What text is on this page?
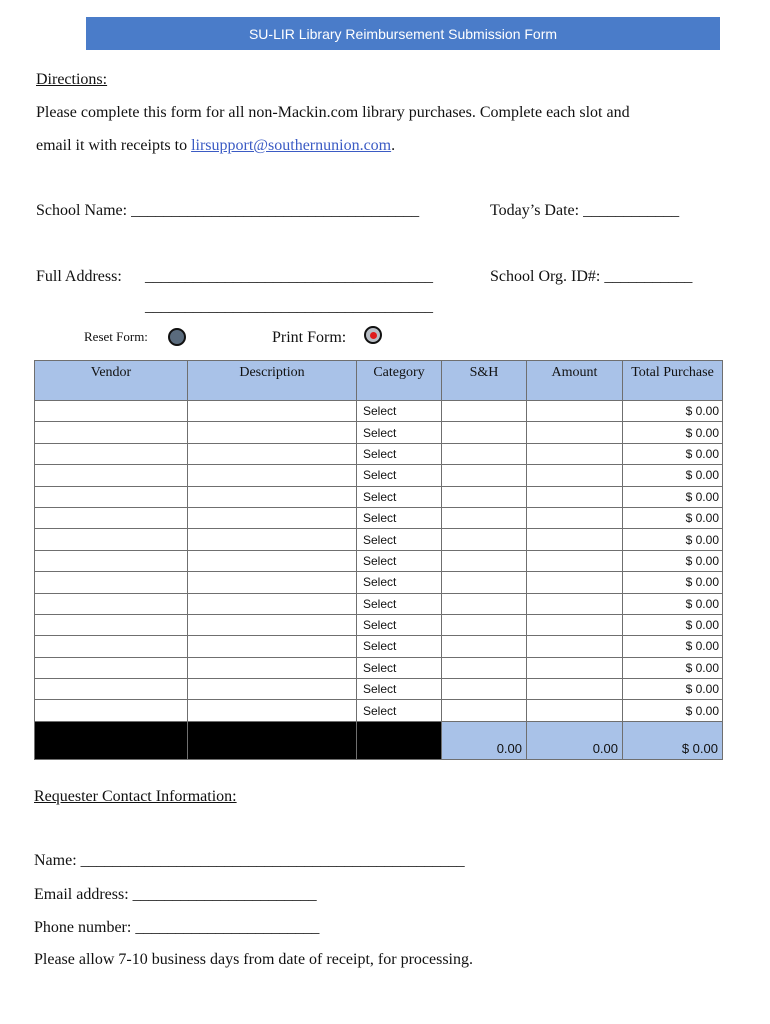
SU-LIR Library Reimbursement Submission Form
Directions:
Please complete this form for all non-Mackin.com library purchases. Complete each slot and
email it with receipts to lirsupport@southernunion.com.
School Name: ____________________________________	Today’s Date: ____________
Full Address: ____________________________________	School Org. ID#: ___________
____________________________________
Reset Form:	Print Form:
Vendor	Description	Category	S&H	Amount	Total Purchase
		Select			$ 0.00
		Select			$ 0.00
		Select			$ 0.00
		Select			$ 0.00
		Select			$ 0.00
		Select			$ 0.00
		Select			$ 0.00
		Select			$ 0.00
		Select			$ 0.00
		Select			$ 0.00
		Select			$ 0.00
		Select			$ 0.00
		Select			$ 0.00
		Select			$ 0.00
		Select			$ 0.00
			0.00	0.00	$ 0.00
Requester Contact Information:
Name: ________________________________________________
Email address: _______________________
Phone number: _______________________
Please allow 7-10 business days from date of receipt, for processing.
